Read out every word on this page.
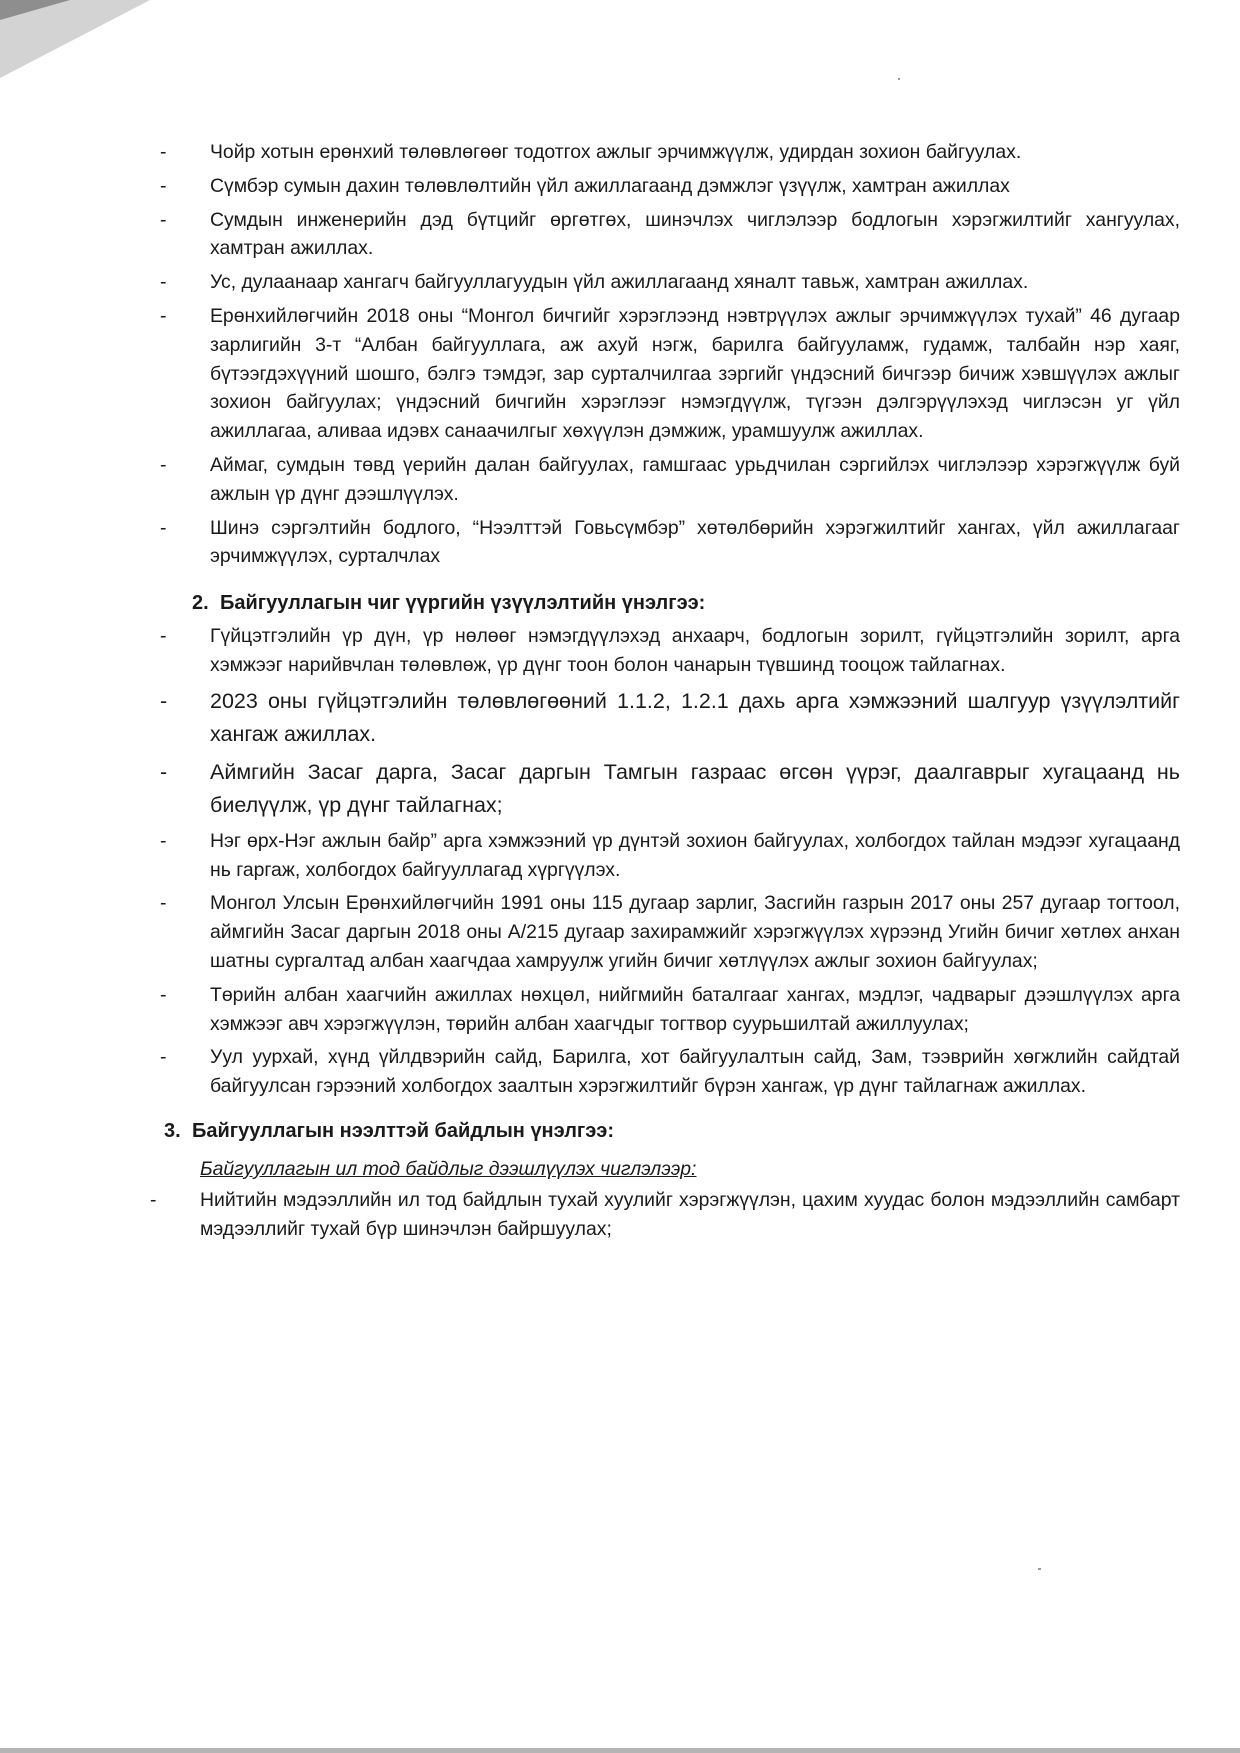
- Чойр хотын ерөнхий төлөвлөгөөг тодотгох ажлыг эрчимжүүлж, удирдан зохион байгуулах.
- Сүмбэр сумын дахин төлөвлөлтийн үйл ажиллагаанд дэмжлэг үзүүлж, хамтран ажиллах
- Сумдын инженерийн дэд бүтцийг өргөтгөх, шинэчлэх чиглэлээр бодлогын хэрэгжилтийг хангуулах, хамтран ажиллах.
- Ус, дулаанаар хангагч байгууллагуудын үйл ажиллагаанд хяналт тавьж, хамтран ажиллах.
- Ерөнхийлөгчийн 2018 оны “Монгол бичгийг хэрэглээнд нэвтрүүлэх ажлыг эрчимжүүлэх тухай” 46 дугаар зарлигийн 3-т “Албан байгууллага, аж ахуй нэгж, барилга байгууламж, гудамж, талбайн нэр хаяг, бүтээгдэхүүний шошго, бэлгэ тэмдэг, зар сурталчилгаа зэргийг үндэсний бичгээр бичиж хэвшүүлэх ажлыг зохион байгуулах; үндэсний бичгийн хэрэглээг нэмэгдүүлж, түгээн дэлгэрүүлэхэд чиглэсэн уг үйл ажиллагаа, аливаа идэвх санаачилгыг хөхүүлэн дэмжиж, урамшуулж ажиллах.
- Аймаг, сумдын төвд үерийн далан байгуулах, гамшгаас урьдчилан сэргийлэх чиглэлээр хэрэгжүүлж буй ажлын үр дүнг дээшлүүлэх.
- Шинэ сэргэлтийн бодлого, “Нээлттэй Говьсүмбэр” хөтөлбөрийн хэрэгжилтийг хангах, үйл ажиллагааг эрчимжүүлэх, сурталчлах
2. Байгууллагын чиг үүргийн үзүүлэлтийн үнэлгээ:
- Гүйцэтгэлийн үр дүн, үр нөлөөг нэмэгдүүлэхэд анхаарч, бодлогын зорилт, гүйцэтгэлийн зорилт, арга хэмжээг нарийвчлан төлөвлөж, үр дүнг тоон болон чанарын түвшинд тооцож тайлагнах.
- 2023 оны гүйцэтгэлийн төлөвлөгөөний 1.1.2, 1.2.1 дахь арга хэмжээний шалгуур үзүүлэлтийг хангаж ажиллах.
- Аймгийн Засаг дарга, Засаг даргын Тамгын газраас өгсөн үүрэг, даалгаврыг хугацаанд нь биелүүлж, үр дүнг тайлагнах;
- Нэг өрх-Нэг ажлын байр” арга хэмжээний үр дүнтэй зохион байгуулах, холбогдох тайлан мэдээг хугацаанд нь гаргаж, холбогдох байгууллагад хүргүүлэх.
- Монгол Улсын Ерөнхийлөгчийн 1991 оны 115 дугаар зарлиг, Засгийн газрын 2017 оны 257 дугаар тогтоол, аймгийн Засаг даргын 2018 оны А/215 дугаар захирамжийг хэрэгжүүлэх хүрээнд Угийн бичиг хөтлөх анхан шатны сургалтад албан хаагчдаа хамруулж угийн бичиг хөтлүүлэх ажлыг зохион байгуулах;
- Төрийн албан хаагчийн ажиллах нөхцөл, нийгмийн баталгааг хангах, мэдлэг, чадварыг дээшлүүлэх арга хэмжээг авч хэрэгжүүлэн, төрийн албан хаагчдыг тогтвор суурьшилтай ажиллуулах;
- Уул уурхай, хүнд үйлдвэрийн сайд, Барилга, хот байгуулалтын сайд, Зам, тээврийн хөгжлийн сайдтай байгуулсан гэрээний холбогдох заалтын хэрэгжилтийг бүрэн хангаж, үр дүнг тайлагнаж ажиллах.
3. Байгууллагын нээлттэй байдлын үнэлгээ:
Байгууллагын ил тод байдлыг дээшлүүлэх чиглэлээр:
- Нийтийн мэдээллийн ил тод байдлын тухай хуулийг хэрэгжүүлэн, цахим хуудас болон мэдээллийн самбарт мэдээллийг тухай бүр шинэчлэн байршуулах;
